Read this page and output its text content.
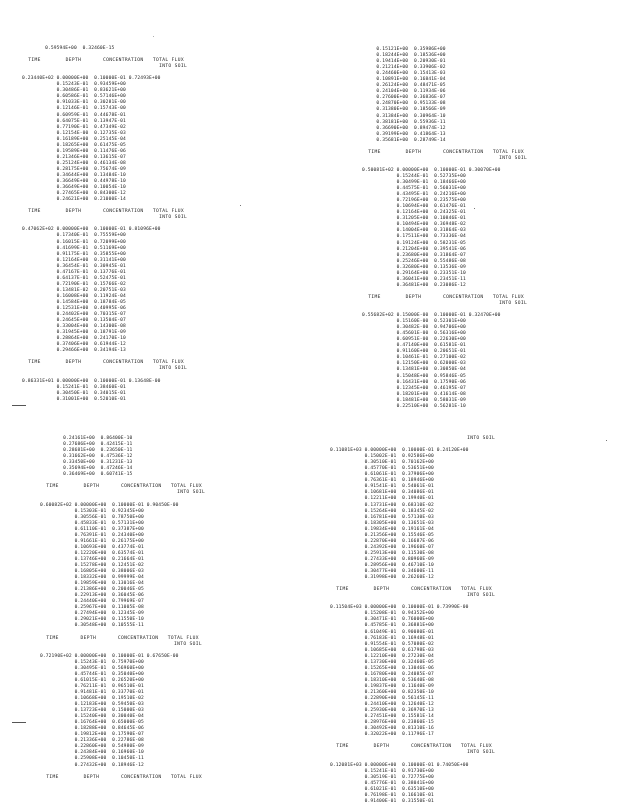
0.59594E+00  0.32460E-15

TIME        DEPTH       CONCENTRATION   TOTAL FLUX
INTO SOIL

0.23440E+02 0.00000E+00  0.10000E-01 0.72493E+00
0.15243E-01  0.93459E+00
0.30486E-01  0.83621E+00
0.60586E-01  0.57146E+00
0.91033E-01  0.30281E-00
0.12146E-01  0.15743E-00
0.60959E-01  0.44678E-01
0.64075E-01  0.13947E-01
0.77190E-01  0.47349E-02
0.12154E-00  0.12735E-03
0.16189E+00  0.25145E-04
0.18265E+00  0.61475E-05
0.19589E+00  0.11476E-06
0.21346E+00  0.13615E-07
0.25124E+00  0.46134E-08
0.28175E+00  0.75674E-09
0.34644E+00  0.13484E-10
0.36649E+00  0.44978E-10
0.36649E+00  0.10054E-10
0.27465E+00  0.84300E-12
0.24621E+00  0.21000E-14

TIME        DEPTH       CONCENTRATION   TOTAL FLUX
INTO SOIL

0.47062E+02 0.00000E+00  0.10000E-01 0.81096E+00
0.17340E-01  0.75559E+00
0.16015E-01  0.72099E+00
0.41699E-01  0.51169E+00
0.91175E-01  0.35855E+00
0.12164E+00  0.31141E+00
0.36454E-01  0.30945E-01
0.47167E-01  0.13776E-01
0.64137E-01  0.52475E-01
0.72190E-01  0.15766E-02
0.13481E-02  0.20751E-03
0.16008E+00  0.11924E-04
0.14584E+00  0.18784E-05
0.12531E+00  0.40995E-06
0.24402E+00  0.70315E-07
0.24645E+00  0.13504E-07
0.33004E+00  0.14300E-08
0.31945E+00  0.18791E-09
0.28864E+00  0.24170E-10
0.37406E+00  0.61944E-12
0.29466E+00  0.34194E-13

TIME        DEPTH       CONCENTRATION   TOTAL FLUX
INTO SOIL

0.86331E+01 0.00000E+00  0.10000E-01 0.13648E-00
0.15241E-01  0.38460E-01
0.30450E-01  0.34015E-01
0.31001E+00  0.52010E-01
0.15121E+00  0.35986E+00
0.18244E+00  0.18536E+00
0.19414E+00  0.20930E-01
0.21214E+00  0.33906E-02
0.24460E+00  0.15413E-03
0.10891E+00  0.16841E-04
0.26124E+00  0.48471E-05
0.24104E+00  0.11934E-06
0.27600E+00  0.36836E-07
0.24870E+00  0.95133E-08
0.31380E+00  0.18566E-09
0.31384E+00  0.30964E-10
0.38181E+00  0.55936E-11
0.36690E+00  0.89474E-12
0.39199E+00  0.41864E-13
0.35681E+00  0.28749E-14

TIME        DEPTH       CONCENTRATION   TOTAL FLUX
INTO SOIL

0.50081E+02 0.00000E+00  0.10000E-01 0.30070E+00
0.15244E-01  0.52735E+00
0.30499E-01  0.18466E+00
0.44575E-01  0.56031E+00
0.43495E-01  0.24216E+00
0.72196E+00  0.23575E+00
0.10694E+00  0.61476E-01
0.12164E+00  0.24325E-01
0.31205E+00  0.10846E-01
0.10494E+00  0.36948E-02
0.14004E+00  0.31864E-03
0.17511E+00  0.73336E-04
0.19124E+00  0.58231E-05
0.21204E+00  0.39541E-06
0.23680E+00  0.31864E-07
0.25246E+00  0.55486E-08
0.32680E+00  0.13536E-09
0.29164E+00  0.23351E-10
0.36041E+00  0.23451E-11
0.36481E+00  0.23086E-12

TIME        DEPTH       CONCENTRATION   TOTAL FLUX
INTO SOIL

0.55682E+02 0.15000E-00  0.10000E-01 0.32470E+00
0.15160E-00  0.52301E+00
0.30482E-00  0.94706E+00
0.45601E-00  0.56316E+00
0.60951E-00  0.22630E+00
0.47140E+00  0.61581E-01
0.91160E+00  0.20651E-01
0.10461E-01  0.27100E-02
0.12150E+00  0.62000E-03
0.13481E+00  0.30850E-04
0.15048E+00  0.95846E-05
0.16431E+00  0.17590E-06
0.12345E+00  0.46195E-07
0.18201E+00  0.41614E-08
0.18481E+00  0.58031E-09
0.22510E+00  0.56281E-10
0.24161E+00  0.86400E-10
0.27686E+00  0.42415E-11
0.28681E+00  0.23650E-11
0.31662E+00  0.47536E-12
0.33450E+00  0.31231E-13
0.35694E+00  0.47246E-14
0.36469E+00  0.60741E-15

TIME        DEPTH       CONCENTRATION   TOTAL FLUX
INTO SOIL

0.60082E+02 0.00000E+00  0.10000E-01 0.90450E-00
0.15303E-01  0.92345E+00
0.30556E-01  0.78750E+00
0.45833E-01  0.57131E+00
0.61110E-01  0.37387E+00
0.76391E-01  0.24340E+00
0.91661E-01  0.26175E+00
0.10693E+00  0.43774E-01
0.12220E+00  0.63574E-01
0.13746E+00  0.21664E-01
0.15278E+00  0.12451E-02
0.16805E+00  0.38006E-03
0.18332E+00  0.99999E-04
0.19859E+00  0.13016E-04
0.21386E+00  0.20046E-05
0.22913E+00  0.36045E-06
0.24440E+00  0.79969E-07
0.25967E+00  0.11005E-08
0.27494E+00  0.12345E-09
0.29021E+00  0.11550E-10
0.30548E+00  0.10555E-11

TIME       DEPTH       CONCENTRATION   TOTAL FLUX
INTO SOIL

0.72190E+02 0.00000E+00  0.10000E-01 0.67650E-00
0.15243E-01  0.75970E+00
0.30495E-01  0.56960E+00
0.45744E-01  0.35040E+00
0.61015E-01  0.26520E+00
0.76211E-01  0.96510E-01
0.91481E-01  0.33770E-01
0.10668E+00  0.19510E-02
0.12183E+00  0.59450E-03
0.13723E+00  0.15000E-03
0.15240E+00  0.30040E-04
0.16764E+00  0.65000E-05
0.18288E+00  0.84645E-06
0.19812E+00  0.17590E-07
0.21336E+00  0.22786E-08
0.22860E+00  0.54980E-09
0.24384E+00  0.16960E-10
0.25908E+00  0.10450E-11
0.27432E+00  0.18946E-12

TIME        DEPTH       CONCENTRATION   TOTAL FLUX
INTO SOIL

0.11081E+03 0.00000E+00  0.10000E-01 0.24120E+00
0.15002E-01  0.92586E+00
0.30510E-01  0.70162E+00
0.45770E-01  0.53651E+00
0.61061E-01  0.37906E+00
0.76361E-01  0.18946E+00
0.91541E-01  0.54061E-01
0.10681E+00  0.34086E-01
0.12211E+00  0.19940E-01
0.13731E+00  0.68310E-02
0.15264E+00  0.18345E-02
0.16781E+00  0.57130E-03
0.18305E+00  0.13651E-03
0.19834E+00  0.19161E-04
0.21356E+00  0.15546E-05
0.22870E+00  0.16687E-06
0.24392E+00  0.19660E-07
0.25913E+00  0.11530E-08
0.27433E+00  0.80960E-09
0.28956E+00  0.46710E-10
0.30477E+00  0.34600E-11
0.31998E+00  0.26260E-12

TIME        DEPTH       CONCENTRATION   TOTAL FLUX
INTO SOIL

0.11504E+03 0.00000E+00  0.10000E-01 0.73990E-00
0.15208E-01  0.94352E+00
0.30471E-01  0.76000E+00
0.45785E-01  0.36881E+00
0.61049E-01  0.90080E-01
0.76183E-01  0.16948E-01
0.91554E-01  0.57080E-02
0.10685E+00  0.61798E-03
0.12210E+00  0.27230E-04
0.13730E+00  0.32460E-05
0.15265E+00  0.13046E-06
0.16780E+00  0.24085E-07
0.18310E+00  0.53640E-08
0.19837E+00  0.11640E-09
0.21360E+00  0.82350E-10
0.22890E+00  0.56145E-11
0.24410E+00  0.12640E-12
0.25930E+00  0.36970E-13
0.27451E+00  0.15581E-14
0.28976E+00  0.23860E-15
0.30492E+00  0.81310E-16
0.32022E+00  0.11796E-17

TIME        DEPTH       CONCENTRATION   TOTAL FLUX
INTO SOIL

0.12081E+03 0.00000E+00  0.10000E-01 0.74050E+00
0.15241E-01  0.91730E+00
0.30519E-01  0.72775E+00
0.45776E-01  0.38041E+00
0.61021E-01  0.63510E+00
0.76198E-01  0.16610E-01
0.91400E-01  0.31550E-01
.
